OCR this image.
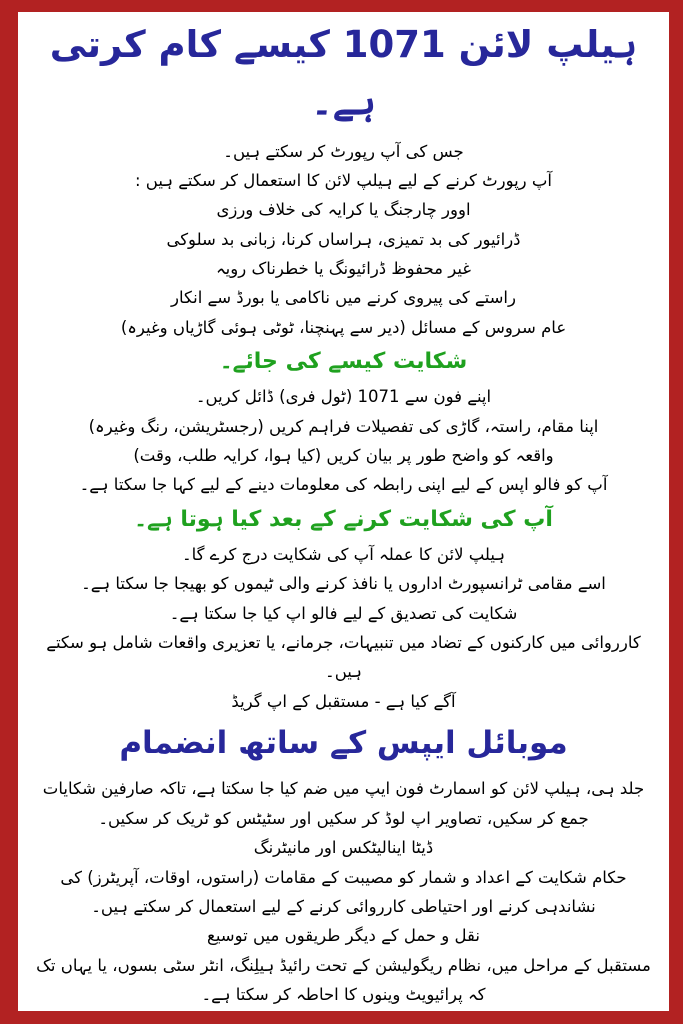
ہیلپ لائن 1071 کیسے کام کرتی ہے۔

جس کی آپ رپورٹ کر سکتے ہیں۔

آپ رپورٹ کرنے کے لیے ہیلپ لائن کا استعمال کر سکتے ہیں :

اوور چارجنگ یا کرایہ کی خلاف ورزی

ڈرائیور کی بد تمیزی، ہراساں کرنا، زبانی بد سلوکی

غیر محفوظ ڈرائیونگ یا خطرناک رویہ

راستے کی پیروی کرنے میں ناکامی یا بورڈ سے انکار

عام سروس کے مسائل (دیر سے پہنچنا، ٹوٹی ہوئی گاڑیاں وغیرہ)

شکایت کیسے کی جائے۔

اپنے فون سے 1071 (ٹول فری) ڈائل کریں۔

اپنا مقام، راستہ، گاڑی کی تفصیلات فراہم کریں (رجسٹریشن، رنگ وغیرہ)

واقعہ کو واضح طور پر بیان کریں (کیا ہوا، کرایہ طلب، وقت)

آپ کو فالو اپس کے لیے اپنی رابطہ کی معلومات دینے کے لیے کہا جا سکتا ہے۔

آپ کی شکایت کرنے کے بعد کیا ہوتا ہے۔

ہیلپ لائن کا عملہ آپ کی شکایت درج کرے گا۔

اسے مقامی ٹرانسپورٹ اداروں یا نافذ کرنے والی ٹیموں کو بھیجا جا سکتا ہے۔

شکایت کی تصدیق کے لیے فالو اپ کیا جا سکتا ہے۔

کارروائی میں کارکنوں کے تضاد میں تنبیہات، جرمانے، یا تعزیری واقعات شامل ہو سکتے ہیں۔

آگے کیا ہے - مستقبل کے اپ گریڈ

موبائل ایپس کے ساتھ انضمام

جلد ہی، ہیلپ لائن کو اسمارٹ فون ایپ میں ضم کیا جا سکتا ہے، تاکہ صارفین شکایات جمع کر سکیں، تصاویر اپ لوڈ کر سکیں اور سٹیٹس کو ٹریک کر سکیں۔

ڈیٹا اینالیٹکس اور مانیٹرنگ

حکام شکایت کے اعداد و شمار کو مصیبت کے مقامات (راستوں، اوقات، آپریٹرز) کی نشاندہی کرنے اور احتیاطی کارروائی کرنے کے لیے استعمال کر سکتے ہیں۔

نقل و حمل کے دیگر طریقوں میں توسیع

مستقبل کے مراحل میں، نظام ریگولیشن کے تحت رائیڈ ہیلِنگ، انٹر سٹی بسوں، یا یہاں تک کہ پرائیویٹ وینوں کا احاطہ کر سکتا ہے۔
